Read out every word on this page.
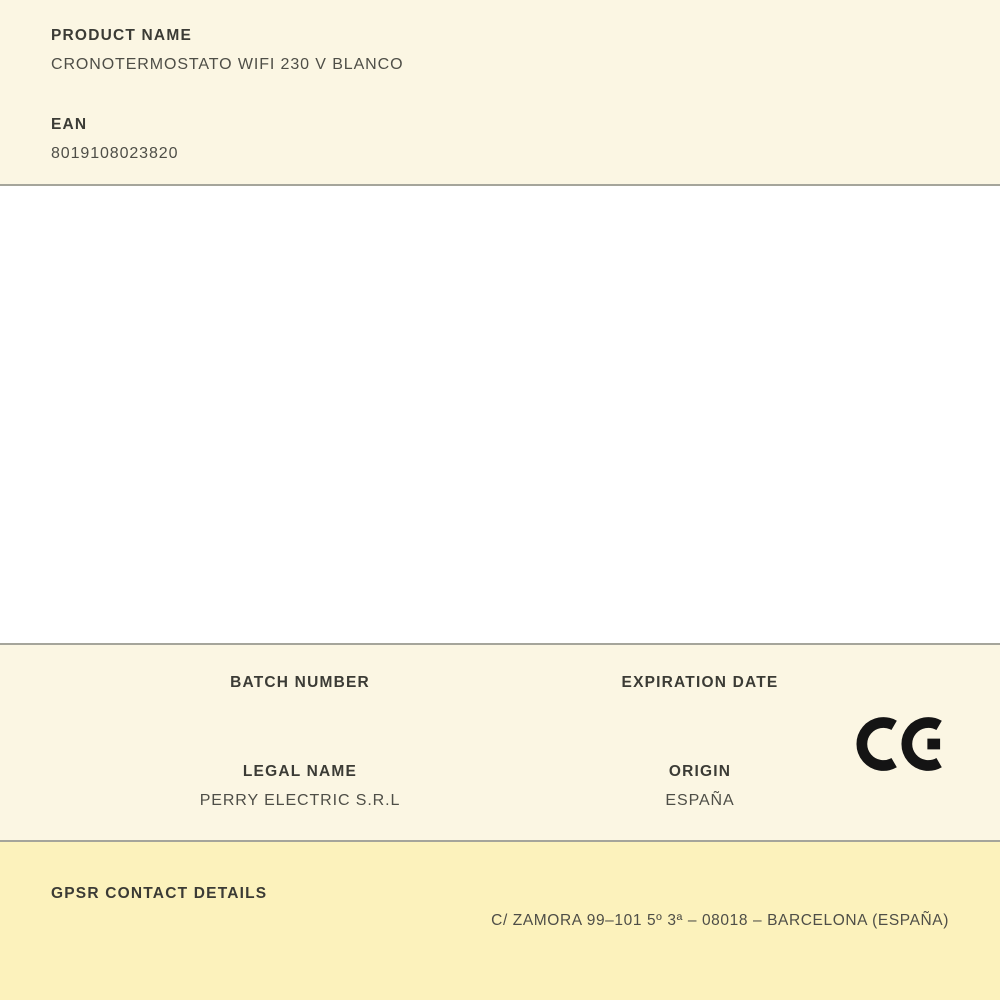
PRODUCT NAME
CRONOTERMOSTATO WIFI 230 V BLANCO
EAN
8019108023820
BATCH NUMBER	EXPIRATION DATE
LEGAL NAME
PERRY ELECTRIC S.R.L
ORIGIN
ESPAÑA
GPSR CONTACT DETAILS
C/ ZAMORA 99–101 5º 3ª – 08018 – BARCELONA (ESPAÑA)
